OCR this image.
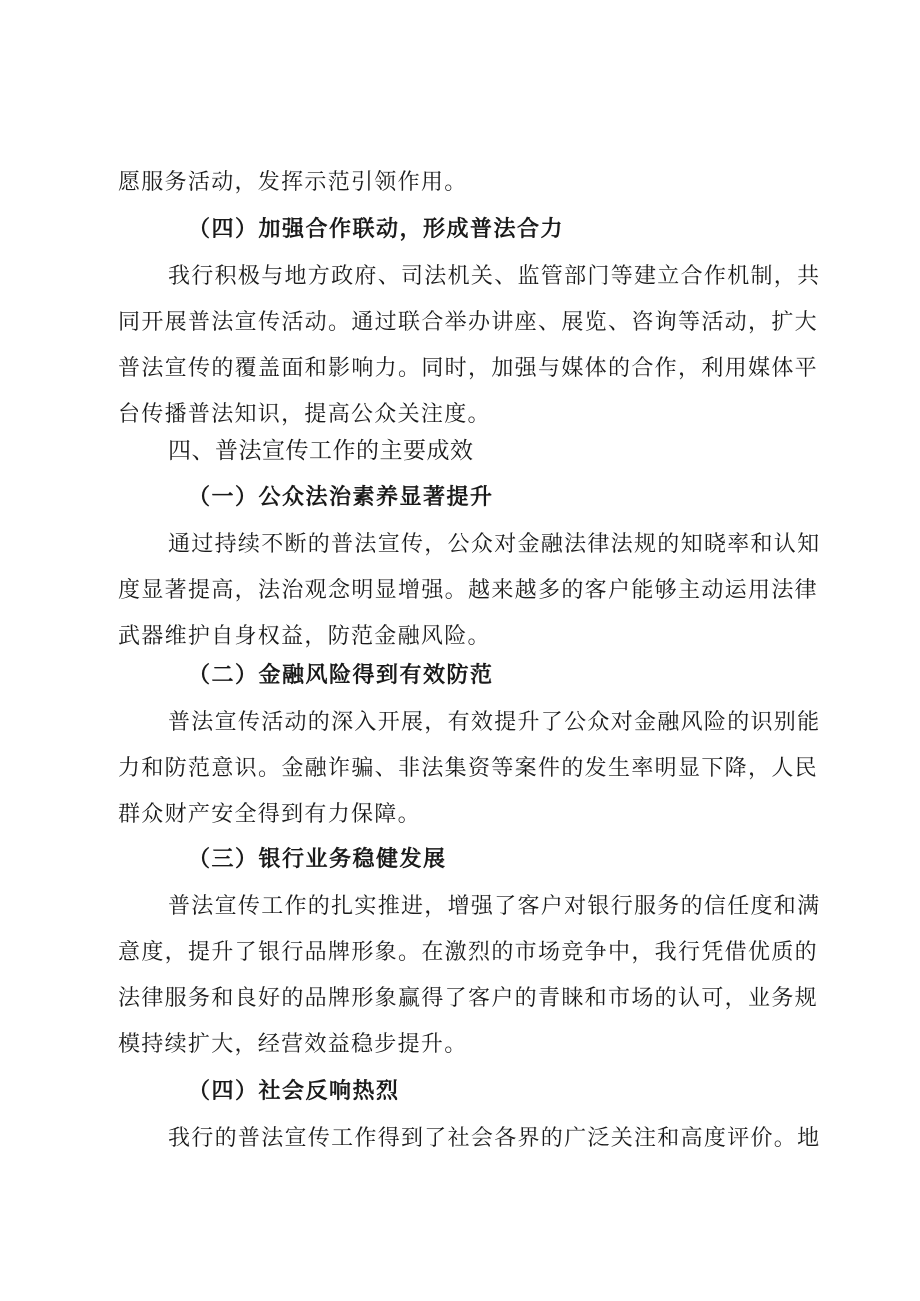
愿服务活动，发挥示范引领作用。
（四）加强合作联动，形成普法合力
我行积极与地方政府、司法机关、监管部门等建立合作机制，共
同开展普法宣传活动。通过联合举办讲座、展览、咨询等活动，扩大
普法宣传的覆盖面和影响力。同时，加强与媒体的合作，利用媒体平
台传播普法知识，提高公众关注度。
四、普法宣传工作的主要成效
（一）公众法治素养显著提升
通过持续不断的普法宣传，公众对金融法律法规的知晓率和认知
度显著提高，法治观念明显增强。越来越多的客户能够主动运用法律
武器维护自身权益，防范金融风险。
（二）金融风险得到有效防范
普法宣传活动的深入开展，有效提升了公众对金融风险的识别能
力和防范意识。金融诈骗、非法集资等案件的发生率明显下降，人民
群众财产安全得到有力保障。
（三）银行业务稳健发展
普法宣传工作的扎实推进，增强了客户对银行服务的信任度和满
意度，提升了银行品牌形象。在激烈的市场竞争中，我行凭借优质的
法律服务和良好的品牌形象赢得了客户的青睐和市场的认可，业务规
模持续扩大，经营效益稳步提升。
（四）社会反响热烈
我行的普法宣传工作得到了社会各界的广泛关注和高度评价。地
